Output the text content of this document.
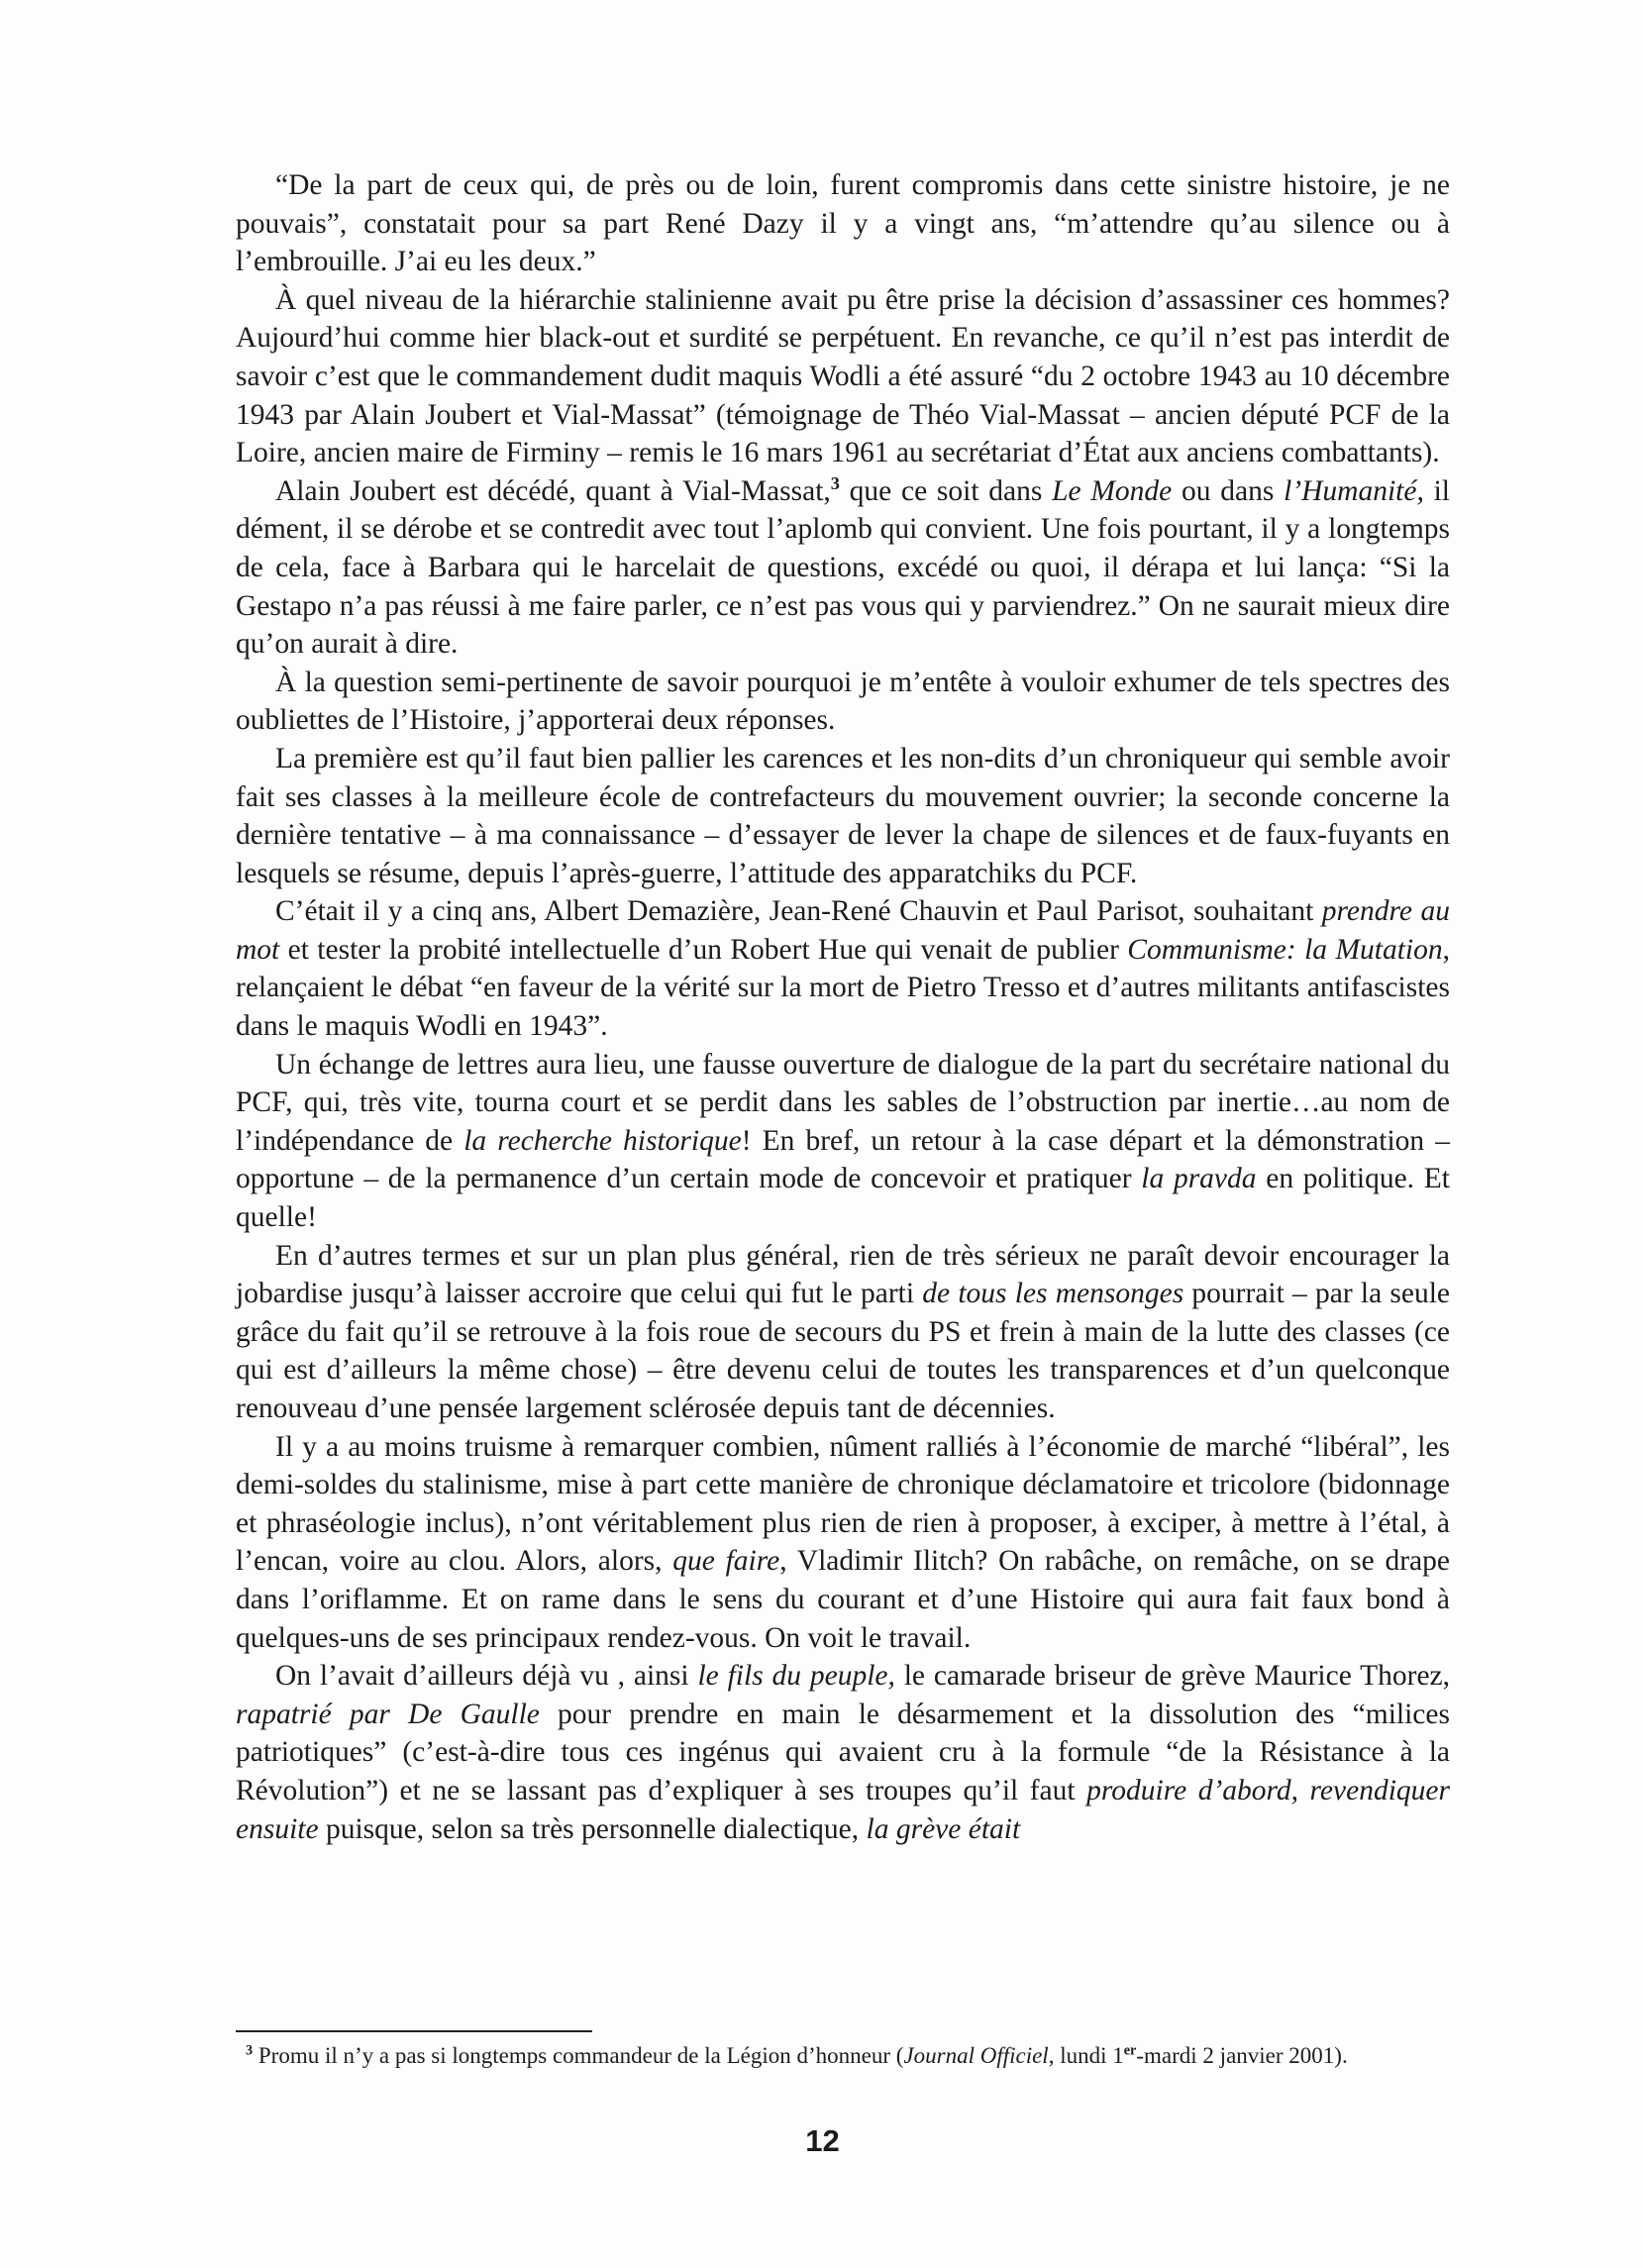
“De la part de ceux qui, de près ou de loin, furent compromis dans cette sinistre histoire, je ne pouvais”, constatait pour sa part René Dazy il y a vingt ans, “m’attendre qu’au silence ou à l’embrouille. J’ai eu les deux.”

À quel niveau de la hiérarchie stalinienne avait pu être prise la décision d’assassiner ces hommes? Aujourd’hui comme hier black-out et surdité se perpétuent. En revanche, ce qu’il n’est pas interdit de savoir c’est que le commandement dudit maquis Wodli a été assuré “du 2 octobre 1943 au 10 décembre 1943 par Alain Joubert et Vial-Massat” (témoignage de Théo Vial-Massat – ancien député PCF de la Loire, ancien maire de Firminy – remis le 16 mars 1961 au secrétariat d’État aux anciens combattants).

Alain Joubert est décédé, quant à Vial-Massat,$^3$ que ce soit dans Le Monde ou dans l’Humanité, il dément, il se dérobe et se contredit avec tout l’aplomb qui convient. Une fois pourtant, il y a longtemps de cela, face à Barbara qui le harcelait de questions, excédé ou quoi, il dérapa et lui lança: “Si la Gestapo n’a pas réussi à me faire parler, ce n’est pas vous qui y parviendrez.” On ne saurait mieux dire qu’on aurait à dire.

À la question semi-pertinente de savoir pourquoi je m’entête à vouloir exhumer de tels spectres des oubliettes de l’Histoire, j’apporterai deux réponses.

La première est qu’il faut bien pallier les carences et les non-dits d’un chroniqueur qui semble avoir fait ses classes à la meilleure école de contrefacteurs du mouvement ouvrier; la seconde concerne la dernière tentative – à ma connaissance – d’essayer de lever la chape de silences et de faux-fuyants en lesquels se résume, depuis l’après-guerre, l’attitude des apparatchiks du PCF.

C’était il y a cinq ans, Albert Demazière, Jean-René Chauvin et Paul Parisot, souhaitant prendre au mot et tester la probité intellectuelle d’un Robert Hue qui venait de publier Communisme: la Mutation, relançaient le débat “en faveur de la vérité sur la mort de Pietro Tresso et d’autres militants antifascistes dans le maquis Wodli en 1943”.

Un échange de lettres aura lieu, une fausse ouverture de dialogue de la part du secrétaire national du PCF, qui, très vite, tourna court et se perdit dans les sables de l’obstruction par inertie…au nom de l’indépendance de la recherche historique! En bref, un retour à la case départ et la démonstration – opportune – de la permanence d’un certain mode de concevoir et pratiquer la pravda en politique. Et quelle!

En d’autres termes et sur un plan plus général, rien de très sérieux ne paraît devoir encourager la jobardise jusqu’à laisser accroire que celui qui fut le parti de tous les mensonges pourrait – par la seule grâce du fait qu’il se retrouve à la fois roue de secours du PS et frein à main de la lutte des classes (ce qui est d’ailleurs la même chose) – être devenu celui de toutes les transparences et d’un quelconque renouveau d’une pensée largement sclérosée depuis tant de décennies.

Il y a au moins truisme à remarquer combien, nûment ralliés à l’économie de marché “libéral”, les demi-soldes du stalinisme, mise à part cette manière de chronique déclamatoire et tricolore (bidonnage et phraséologie inclus), n’ont véritablement plus rien de rien à proposer, à exciper, à mettre à l’étal, à l’encan, voire au clou. Alors, alors, que faire, Vladimir Ilitch? On rabâche, on remâche, on se drape dans l’oriflamme. Et on rame dans le sens du courant et d’une Histoire qui aura fait faux bond à quelques-uns de ses principaux rendez-vous. On voit le travail.

On l’avait d’ailleurs déjà vu , ainsi le fils du peuple, le camarade briseur de grève Maurice Thorez, rapatrié par De Gaulle pour prendre en main le désarmement et la dissolution des “milices patriotiques” (c’est-à-dire tous ces ingénus qui avaient cru à la formule “de la Résistance à la Révolution”) et ne se lassant pas d’expliquer à ses troupes qu’il faut produire d’abord, revendiquer ensuite puisque, selon sa très personnelle dialectique, la grève était

$^3$ Promu il n’y a pas si longtemps commandeur de la Légion d’honneur (Journal Officiel, lundi 1er-mardi 2 janvier 2001).

12
